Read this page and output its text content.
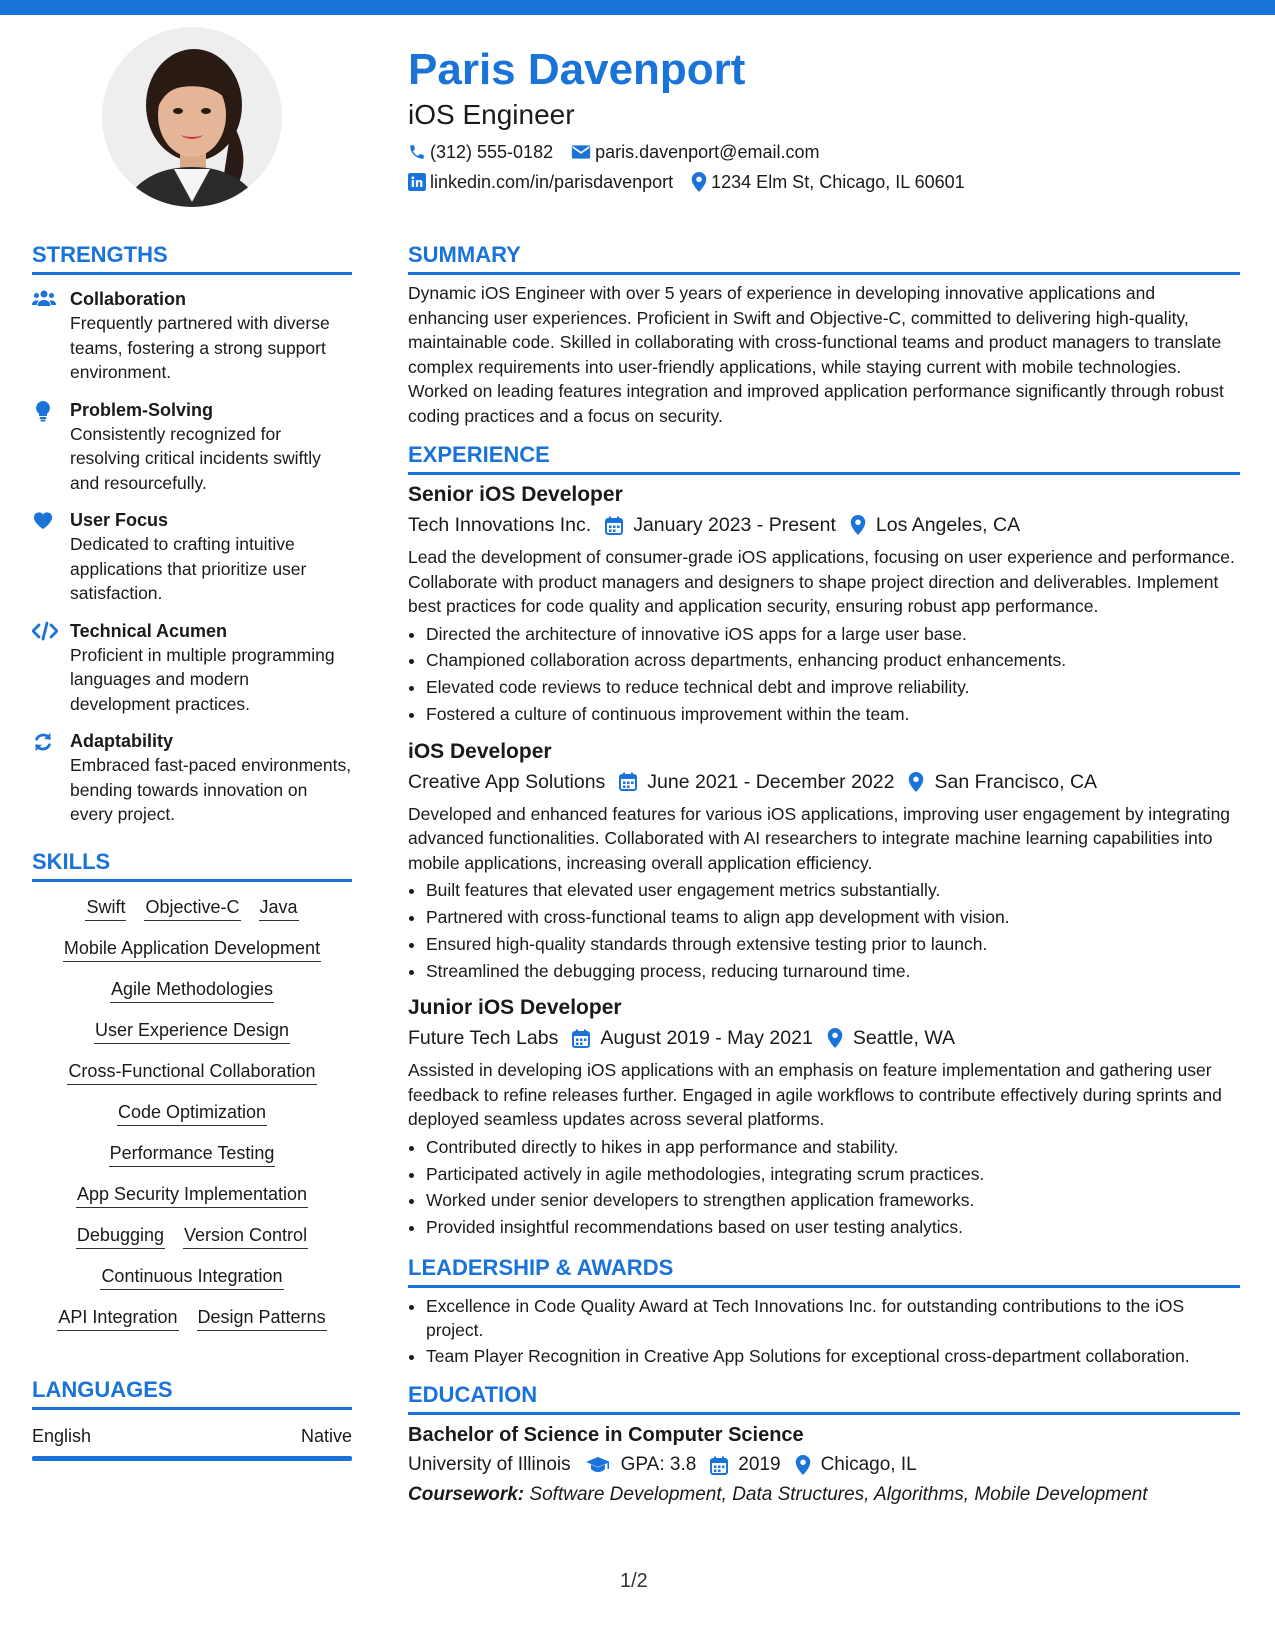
Paris Davenport
iOS Engineer
(312) 555-0182 paris.davenport@email.com
linkedin.com/in/parisdavenport 1234 Elm St, Chicago, IL 60601
STRENGTHS
Collaboration
Frequently partnered with diverse teams, fostering a strong support environment.
Problem-Solving
Consistently recognized for resolving critical incidents swiftly and resourcefully.
User Focus
Dedicated to crafting intuitive applications that prioritize user satisfaction.
Technical Acumen
Proficient in multiple programming languages and modern development practices.
Adaptability
Embraced fast-paced environments, bending towards innovation on every project.
SKILLS
Swift Objective-C Java
Mobile Application Development
Agile Methodologies
User Experience Design
Cross-Functional Collaboration
Code Optimization
Performance Testing
App Security Implementation
Debugging Version Control
Continuous Integration
API Integration Design Patterns
LANGUAGES
English	Native
SUMMARY
Dynamic iOS Engineer with over 5 years of experience in developing innovative applications and enhancing user experiences. Proficient in Swift and Objective-C, committed to delivering high-quality, maintainable code. Skilled in collaborating with cross-functional teams and product managers to translate complex requirements into user-friendly applications, while staying current with mobile technologies. Worked on leading features integration and improved application performance significantly through robust coding practices and a focus on security.
EXPERIENCE
Senior iOS Developer
Tech Innovations Inc. January 2023 - Present Los Angeles, CA
Lead the development of consumer-grade iOS applications, focusing on user experience and performance. Collaborate with product managers and designers to shape project direction and deliverables. Implement best practices for code quality and application security, ensuring robust app performance.
• Directed the architecture of innovative iOS apps for a large user base.
• Championed collaboration across departments, enhancing product enhancements.
• Elevated code reviews to reduce technical debt and improve reliability.
• Fostered a culture of continuous improvement within the team.
iOS Developer
Creative App Solutions June 2021 - December 2022 San Francisco, CA
Developed and enhanced features for various iOS applications, improving user engagement by integrating advanced functionalities. Collaborated with AI researchers to integrate machine learning capabilities into mobile applications, increasing overall application efficiency.
• Built features that elevated user engagement metrics substantially.
• Partnered with cross-functional teams to align app development with vision.
• Ensured high-quality standards through extensive testing prior to launch.
• Streamlined the debugging process, reducing turnaround time.
Junior iOS Developer
Future Tech Labs August 2019 - May 2021 Seattle, WA
Assisted in developing iOS applications with an emphasis on feature implementation and gathering user feedback to refine releases further. Engaged in agile workflows to contribute effectively during sprints and deployed seamless updates across several platforms.
• Contributed directly to hikes in app performance and stability.
• Participated actively in agile methodologies, integrating scrum practices.
• Worked under senior developers to strengthen application frameworks.
• Provided insightful recommendations based on user testing analytics.
LEADERSHIP & AWARDS
• Excellence in Code Quality Award at Tech Innovations Inc. for outstanding contributions to the iOS project.
• Team Player Recognition in Creative App Solutions for exceptional cross-department collaboration.
EDUCATION
Bachelor of Science in Computer Science
University of Illinois	GPA: 3.8 2019 Chicago, IL
Coursework: Software Development, Data Structures, Algorithms, Mobile Development
1/2
